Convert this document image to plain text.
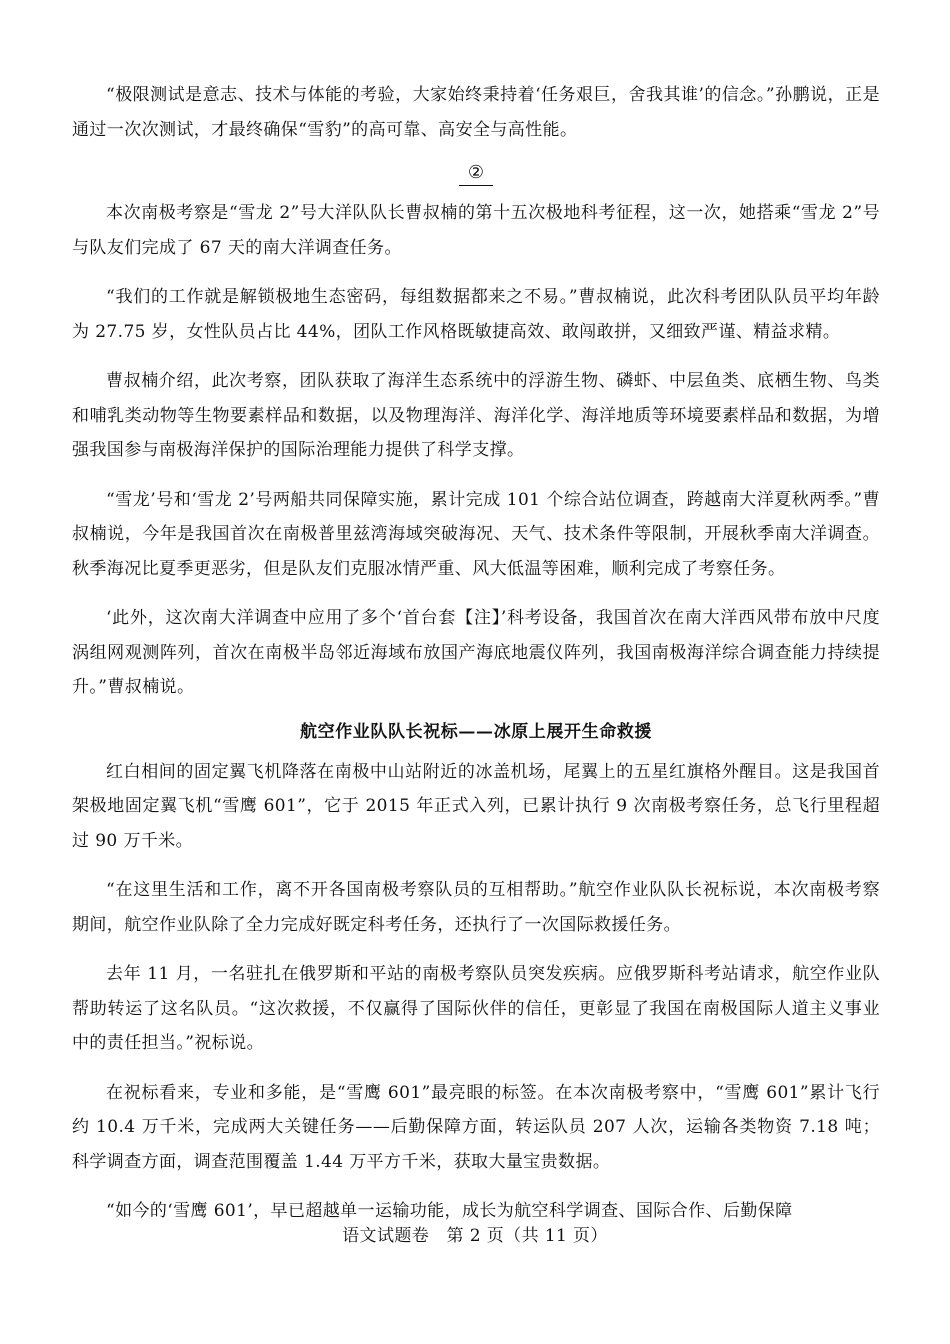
“极限测试是意志、技术与体能的考验，大家始终秉持着‘任务艰巨，舍我其谁’的信念。”孙鹏说，正是通过一次次测试，才最终确保“雪豹”的高可靠、高安全与高性能。

②

本次南极考察是“雪龙 2”号大洋队队长曹叔楠的第十五次极地科考征程，这一次，她搭乘“雪龙 2”号与队友们完成了 67 天的南大洋调查任务。

“我们的工作就是解锁极地生态密码，每组数据都来之不易。”曹叔楠说，此次科考团队队员平均年龄为 27.75 岁，女性队员占比 44%，团队工作风格既敏捷高效、敢闯敢拼，又细致严谨、精益求精。

曹叔楠介绍，此次考察，团队获取了海洋生态系统中的浮游生物、磷虾、中层鱼类、底栖生物、鸟类和哺乳类动物等生物要素样品和数据，以及物理海洋、海洋化学、海洋地质等环境要素样品和数据，为增强我国参与南极海洋保护的国际治理能力提供了科学支撑。

“雪龙’号和‘雪龙 2’号两船共同保障实施，累计完成 101 个综合站位调查，跨越南大洋夏秋两季。”曹叔楠说，今年是我国首次在南极普里兹湾海域突破海况、天气、技术条件等限制，开展秋季南大洋调查。秋季海况比夏季更恶劣，但是队友们克服冰情严重、风大低温等困难，顺利完成了考察任务。

‘此外，这次南大洋调查中应用了多个‘首台套【注】’科考设备，我国首次在南大洋西风带布放中尺度涡组网观测阵列，首次在南极半岛邻近海域布放国产海底地震仪阵列，我国南极海洋综合调查能力持续提升。”曹叔楠说。

航空作业队队长祝标——冰原上展开生命救援

红白相间的固定翼飞机降落在南极中山站附近的冰盖机场，尾翼上的五星红旗格外醒目。这是我国首架极地固定翼飞机“雪鹰 601”，它于 2015 年正式入列，已累计执行 9 次南极考察任务，总飞行里程超过 90 万千米。

“在这里生活和工作，离不开各国南极考察队员的互相帮助。”航空作业队队长祝标说，本次南极考察期间，航空作业队除了全力完成好既定科考任务，还执行了一次国际救援任务。

去年 11 月，一名驻扎在俄罗斯和平站的南极考察队员突发疾病。应俄罗斯科考站请求，航空作业队帮助转运了这名队员。“这次救援，不仅赢得了国际伙伴的信任，更彰显了我国在南极国际人道主义事业中的责任担当。”祝标说。

在祝标看来，专业和多能，是“雪鹰 601”最亮眼的标签。在本次南极考察中，“雪鹰 601”累计飞行约 10.4 万千米，完成两大关键任务——后勤保障方面，转运队员 207 人次，运输各类物资 7.18 吨；科学调查方面，调查范围覆盖 1.44 万平方千米，获取大量宝贵数据。

“如今的‘雪鹰 601’，早已超越单一运输功能，成长为航空科学调查、国际合作、后勤保障

语文试题卷　第 2 页（共 11 页）
